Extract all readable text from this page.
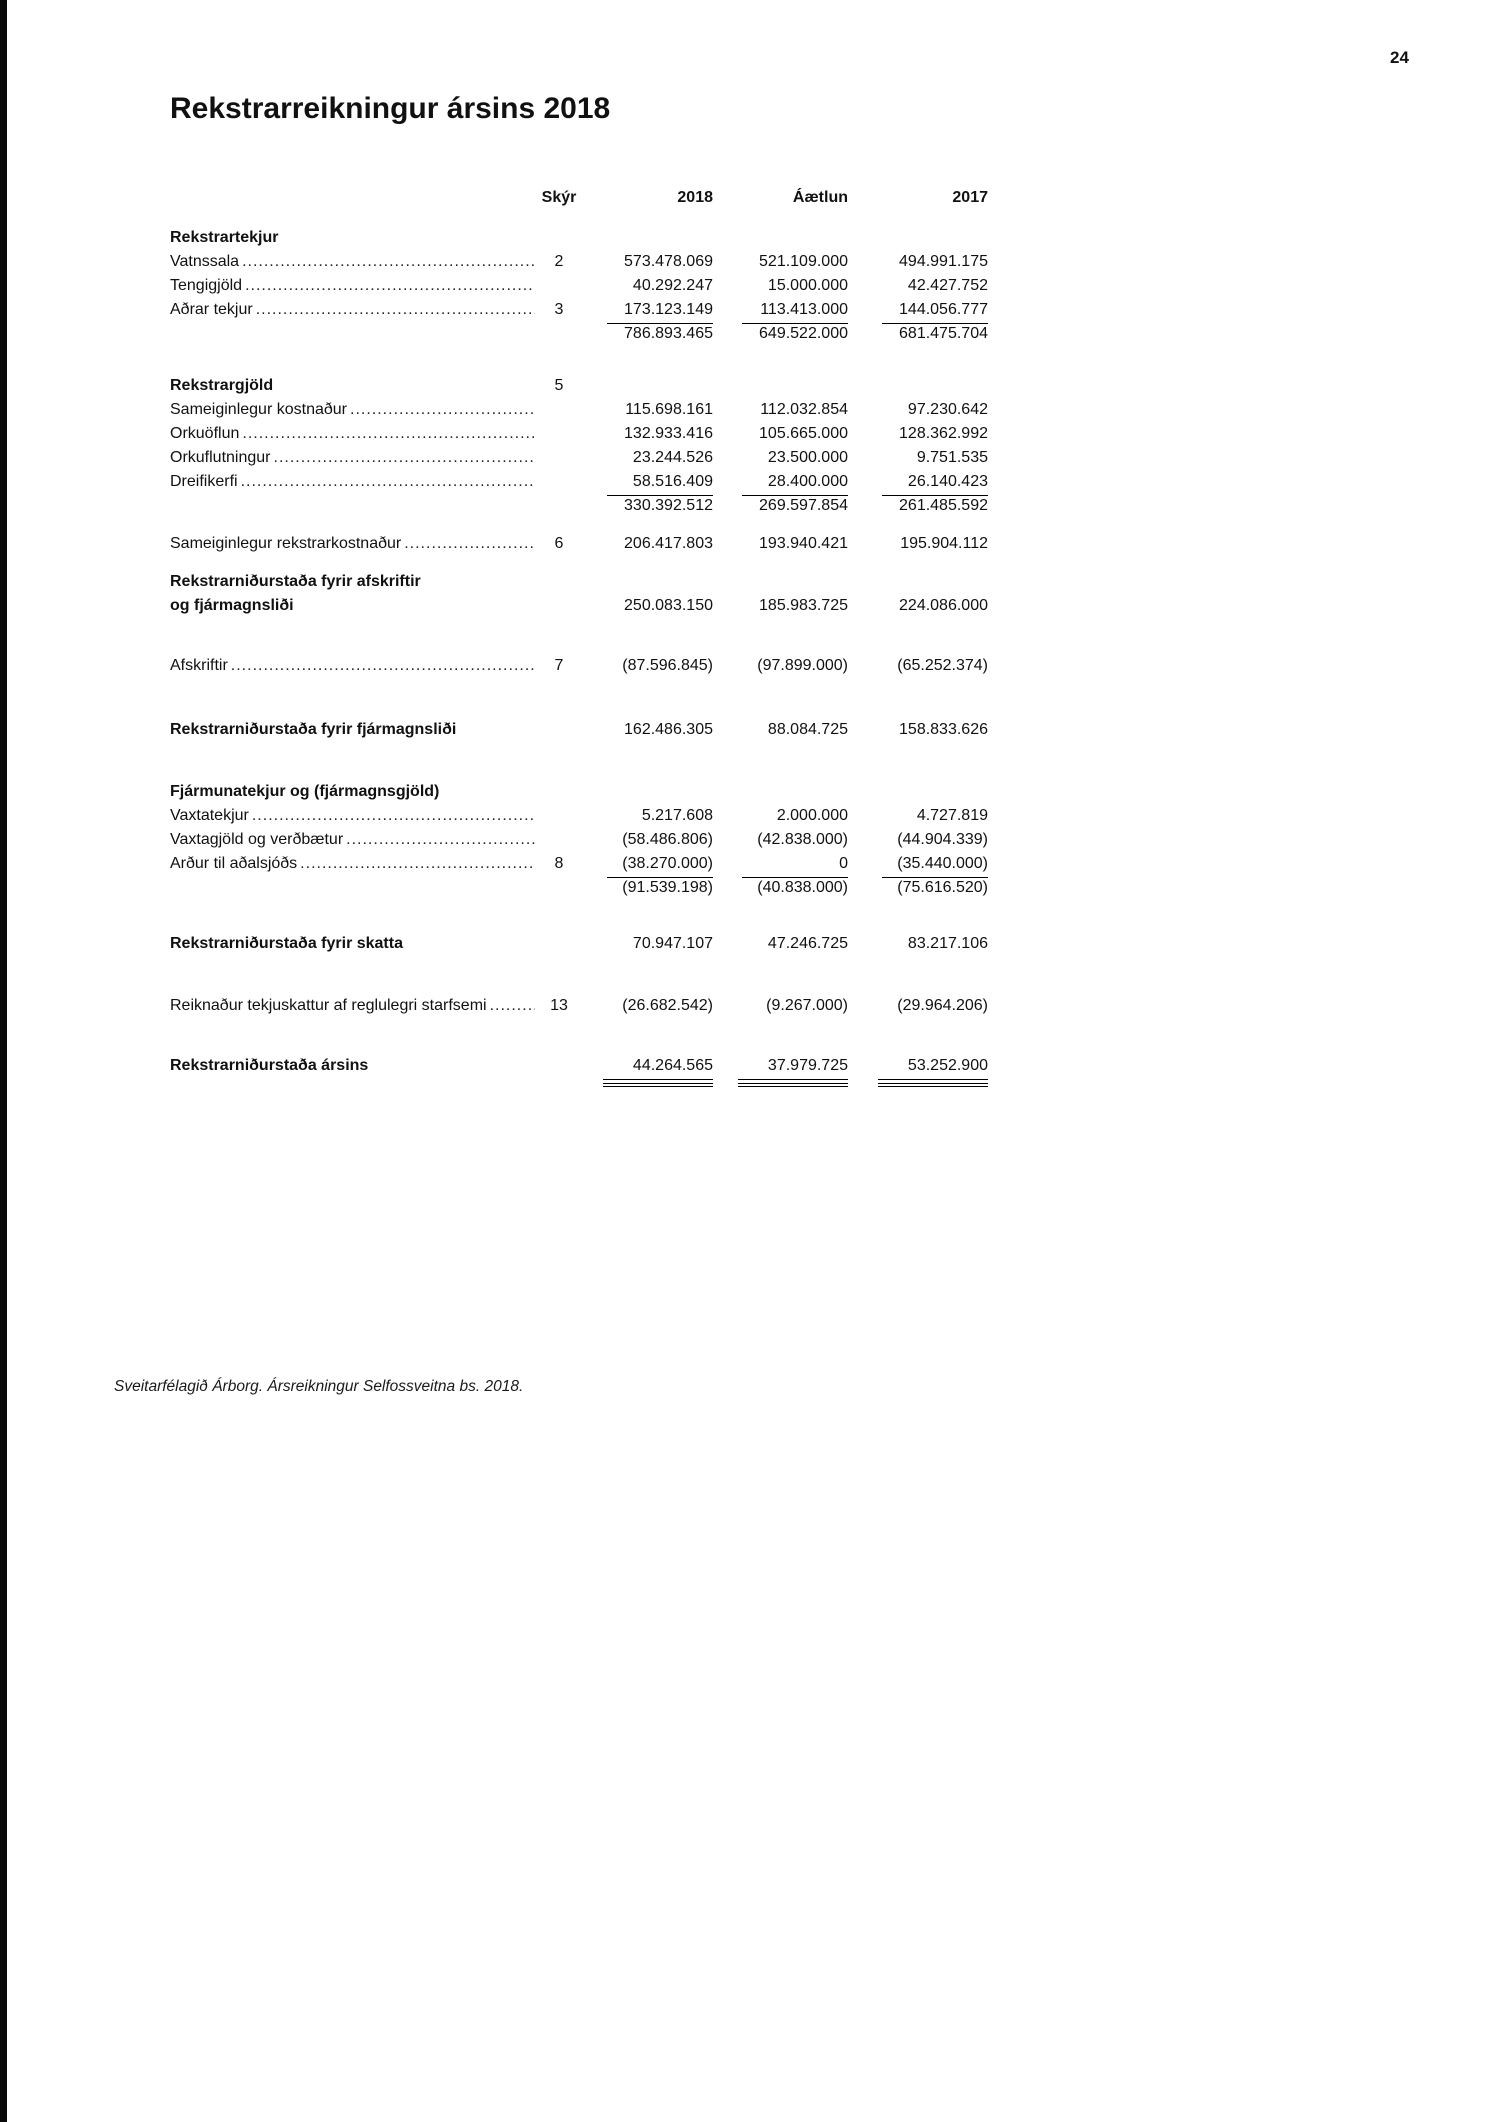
24
Rekstrarreikningur ársins 2018
Skýr	2018	Áætlun	2017
Rekstrartekjur
Vatnssala .....	2	573.478.069	521.109.000	494.991.175
Tengigjöld .....	40.292.247	15.000.000	42.427.752
Aðrar tekjur .....	3	173.123.149	113.413.000	144.056.777
786.893.465	649.522.000	681.475.704
Rekstrargjöld	5
Sameiginlegur kostnaður .....	115.698.161	112.032.854	97.230.642
Orkuöflun .....	132.933.416	105.665.000	128.362.992
Orkuflutningur .....	23.244.526	23.500.000	9.751.535
Dreifikerfi .....	58.516.409	28.400.000	26.140.423
330.392.512	269.597.854	261.485.592
Sameiginlegur rekstrarkostnaður .....	6	206.417.803	193.940.421	195.904.112
Rekstrarniðurstaða fyrir afskriftir
og fjármagnsliði	250.083.150	185.983.725	224.086.000
Afskriftir .....	7	(87.596.845)	(97.899.000)	(65.252.374)
Rekstrarniðurstaða fyrir fjármagnsliði	162.486.305	88.084.725	158.833.626
Fjármunatekjur og (fjármagnsgjöld)
Vaxtatekjur .....	5.217.608	2.000.000	4.727.819
Vaxtagjöld og verðbætur .....	(58.486.806)	(42.838.000)	(44.904.339)
Arður til aðalsjóðs .....	8	(38.270.000)	0	(35.440.000)
(91.539.198)	(40.838.000)	(75.616.520)
Rekstrarniðurstaða fyrir skatta	70.947.107	47.246.725	83.217.106
Reiknaður tekjuskattur af reglulegri starfsemi .....	13	(26.682.542)	(9.267.000)	(29.964.206)
Rekstrarniðurstaða ársins	44.264.565	37.979.725	53.252.900
Sveitarfélagið Árborg. Ársreikningur Selfossveitna bs. 2018.
